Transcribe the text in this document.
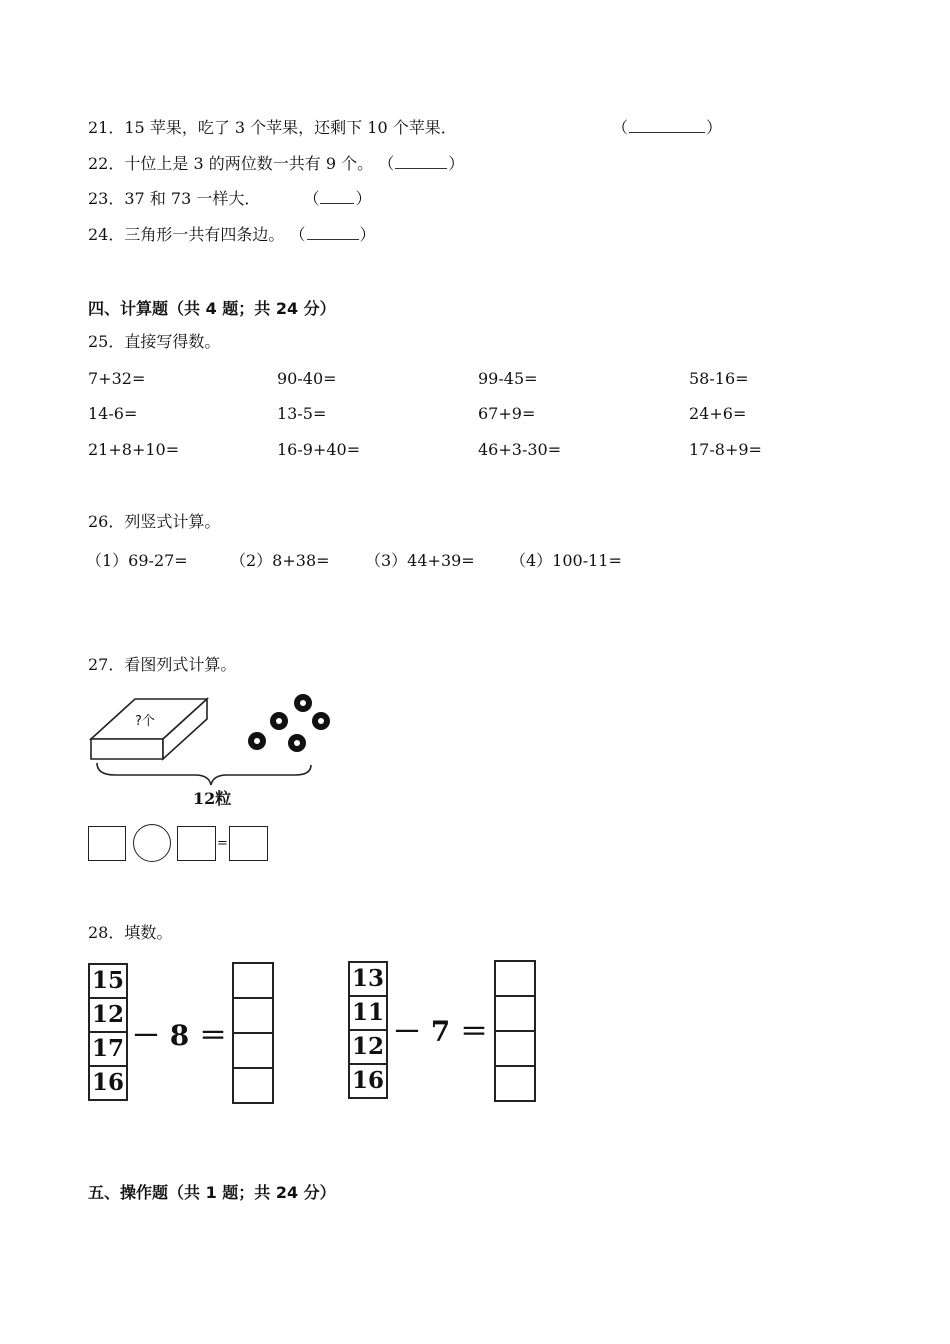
21．15 苹果，吃了 3 个苹果，还剩下 10 个苹果．	（	）
22．十位上是 3 的两位数一共有 9 个。 （	）
23．37 和 73 一样大．	（ ）
24．三角形一共有四条边。 （	）
四、计算题（共 4 题；共 24 分）
25．直接写得数。
7+32=	90-40=	99-45=	58-16=
14-6=	13-5=	67+9=	24+6=
21+8+10=	16-9+40=	46+3-30=	17-8+9=
26．列竖式计算。
（1）69-27=	（2）8+38= （3）44+39= （4）100-11=
27．看图列式计算。
?个
12粒
=
28．填数。
15
12
17
16
－ 8 ＝
13
11
12
16
－ 7 ＝
五、操作题（共 1 题；共 24 分）
